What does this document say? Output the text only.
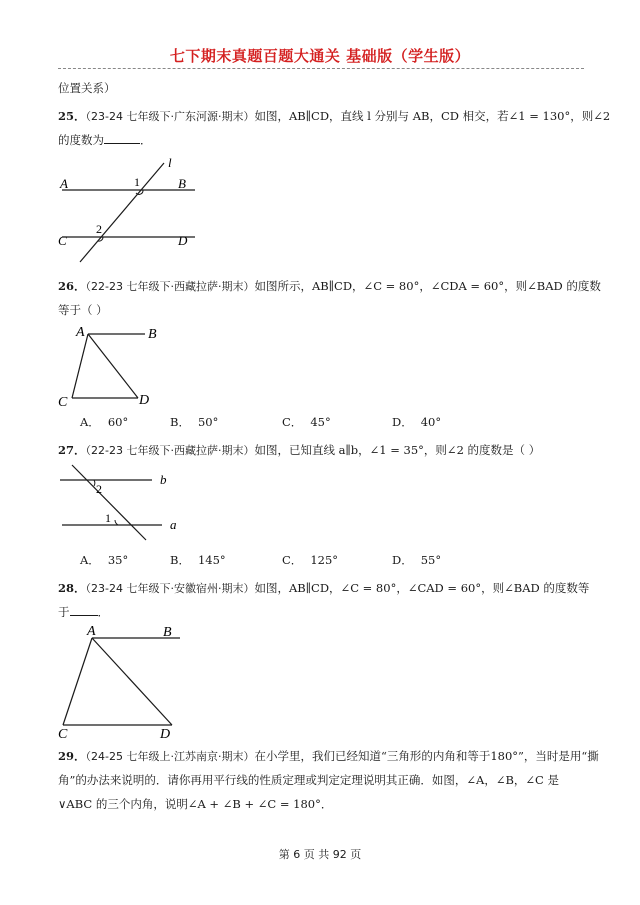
七下期末真题百题大通关 基础版（学生版）
位置关系）
25．（23-24 七年级下·广东河源·期末）如图，AB∥CD，直线 l 分别与 AB，CD 相交，若∠1 = 130°，则∠2
的度数为	．
A	B
C	D
l
1
2
26．（22-23 七年级下·西藏拉萨·期末）如图所示，AB∥CD，∠C = 80°，∠CDA = 60°，则∠BAD 的度数
等于（ ）
A	B
C	D
A． 60°	B． 50°	C． 45°	D． 40°
27．（22-23 七年级下·西藏拉萨·期末）如图，已知直线 a∥b，∠1 = 35°，则∠2 的度数是（ ）
2
1
b
a
A． 35°	B． 145°	C． 125°	D． 55°
28．（23-24 七年级下·安徽宿州·期末）如图，AB∥CD，∠C = 80°，∠CAD = 60°，则∠BAD 的度数等
于 ．
A	B
C	D
29．（24-25 七年级上·江苏南京·期末）在小学里，我们已经知道“三角形的内角和等于180°”，当时是用“撕
角”的办法来说明的．请你再用平行线的性质定理或判定定理说明其正确．如图，∠A，∠B，∠C 是
∨ABC 的三个内角，说明∠A + ∠B + ∠C = 180°．
第 6 页 共 92 页
